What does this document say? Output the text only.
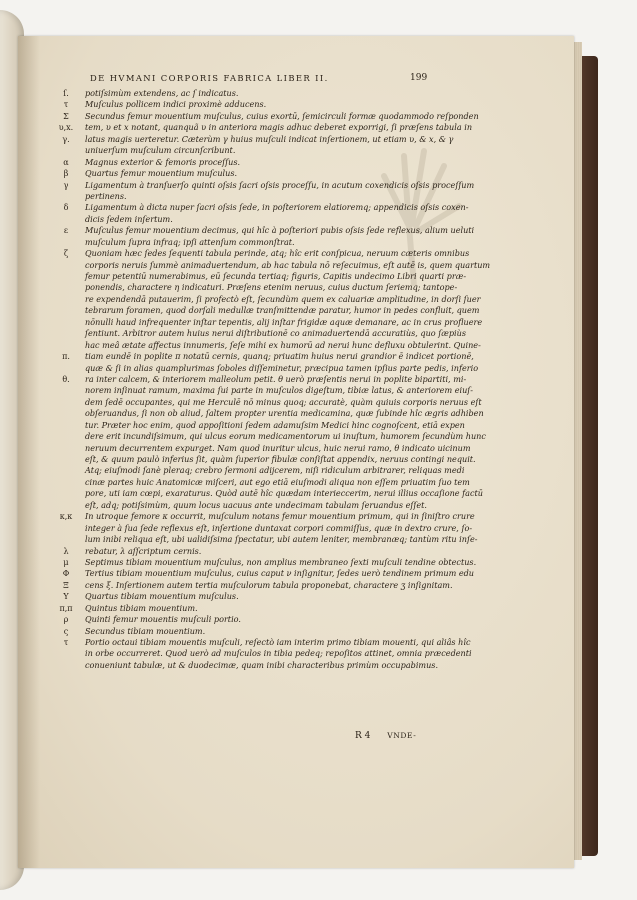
DE HVMANI CORPORIS FABRICA LIBER II.	199
ſ.	potiſsimùm extendens, ac ſ indicatus.
τ	Muſculus pollicem indici proximè adducens.
Σ	Secundus femur mouentium muſculus, cuius exortū, ſemicirculi formæ quodammodo reſponden
υ,x.	tem, υ et x notant, quanquã υ in anteriora magis adhuc deberet exporrigi, ſi præſens tabula in
γ.	latus magis uerteretur. Cæterùm γ huius muſculi indicat inſertionem, ut etiam υ, & x, & γ
uniuerſum muſculum circunſcribunt.
α	Magnus exterior & femoris proceſſus.
β	Quartus femur mouentium muſculus.
γ	Ligamentum à tranſuerſo quinti oſsis ſacri oſsis proceſſu, in acutum coxendicis oſsis proceſſum
pertinens.
δ	Ligamentum à dicta nuper ſacri oſsis ſede, in poſteriorem elatioremq; appendicis oſsis coxen-
dicis ſedem inſertum.
ε	Muſculus femur mouentium decimus, qui hîc à poſteriori pubis oſsis ſede reflexus, alium ueluti
muſculum ſupra infraq; ipſi attenſum commonſtrat.
ζ	Quoniam hæc ſedes ſequenti tabula perinde, atq; hîc erit conſpicua, neruum cæteris omnibus
corporis neruis ſummè animaduertendum, ab hac tabula nō reſecuimus, eſt autē is, quem quartum
femur petentiū numerabimus, eū ſecunda tertiaq; figuris, Capitis undecimo Libri quarti præ-
ponendis, charactere η indicaturi. Præſens etenim neruus, cuius ductum ſeriemq; tantope-
re expendendā putauerim, ſi profectò eſt, ſecundùm quem ex caluariæ amplitudine, in dorſi ſuer
tebrarum foramen, quod dorſali medullæ tranſmittendæ paratur, humor in pedes confluit, quem
nōnulli haud infrequenter inſtar tepentis, alij inſtar frigidæ aquæ demanare, ac in crus profluere
ſentiunt. Arbitror autem huius nerui diſtributionē co animaduertendā accuratiùs, quo ſæpiùs
hac meâ ætate affectus innumeris, ſeſe mihi ex humorū ad nerui hunc defluxu obtulerint. Quine-
π.	tiam eundē in poplite π notatū cernis, quanq; priuatim huius nerui grandior ē indicet portionē,
quæ & ſi in alias quamplurimas ſoboles diſſeminetur, præcipua tamen ipſius parte pedis, inferio
θ.	ra inter calcem, & interiorem malleolum petit. θ uerò præſentis nerui in poplite bipartiti, mi-
norem inſinuat ramum, maxima ſui parte in muſculos digeſtum, tibiæ latus, & anteriorem eiuſ-
dem ſedē occupantes, qui me Herculē nō minus quoq; accuratè, quàm quiuis corporis neruus eſt
obſeruandus, ſi non ob aliud, ſaltem propter urentia medicamina, quæ ſubinde hîc ægris adhiben
tur. Præter hoc enim, quod appoſitioni ſedem adamuſsim Medici hinc cognoſcent, etiā expen
dere erit incundiſsimum, qui ulcus eorum medicamentorum ui inuſtum, humorem ſecundùm hunc
neruum decurrentem expurget. Nam quod inuritur ulcus, huic nerui ramo, θ indicato uicinum
eſt, & quum paulò inferius ſit, quàm ſuperior fibulæ conſiſtat appendix, neruus contingi nequit.
Atq; eiuſmodi ſanè pleraq; crebro ſermoni adijcerem, niſi ridiculum arbitrarer, reliquas medi
cinæ partes huic Anatomicæ miſceri, aut ego etiā eiuſmodi aliqua non eſſem priuatim ſuo tem
pore, uti iam cœpi, exaraturus. Quòd autē hîc quædam interieccerim, nerui illius occaſione factū
eſt, adq; potiſsimùm, quum locus uacuus ante undecimam tabulam ſeruandus eſſet.
κ,κ	In utroque femore κ occurrit, muſculum notans femur mouentium primum, qui in ſiniſtro crure
integer à ſua ſede reflexus eſt, inſertione duntaxat corpori commiſſus, quæ in dextro crure, ſo-
lum inibi reliqua eſt, ubi ualidiſsima ſpectatur, ubi autem leniter, membranæq; tantùm ritu inſe-
λ	rebatur, λ aſſcriptum cernis.
μ	Septimus tibiam mouentium muſculus, non amplius membraneo ſexti muſculi tendine obtectus.
Φ	Tertius tibiam mouentium muſculus, cuius caput ν inſignitur, ſedes uerò tendinem primum edu
Ξ	cens ξ. Inſertionem autem tertia muſculorum tabula proponebat, charactere ʒ inſignitam.
Υ	Quartus tibiam mouentium muſculus.
π,π	Quintus tibiam mouentium.
ρ	Quinti femur mouentis muſculi portio.
ς	Secundus tibiam mouentium.
τ	Portio octaui tibiam mouentis muſculi, reſectò iam interim primo tibiam mouenti, qui aliâs hîc
in orbe occurreret. Quod uerò ad muſculos in tibia pedeq; repoſitos attinet, omnia præcedenti
conueniunt tabulæ, ut & duodecimæ, quam inibi characteribus primùm occupabimus.
R 4 VNDE-
